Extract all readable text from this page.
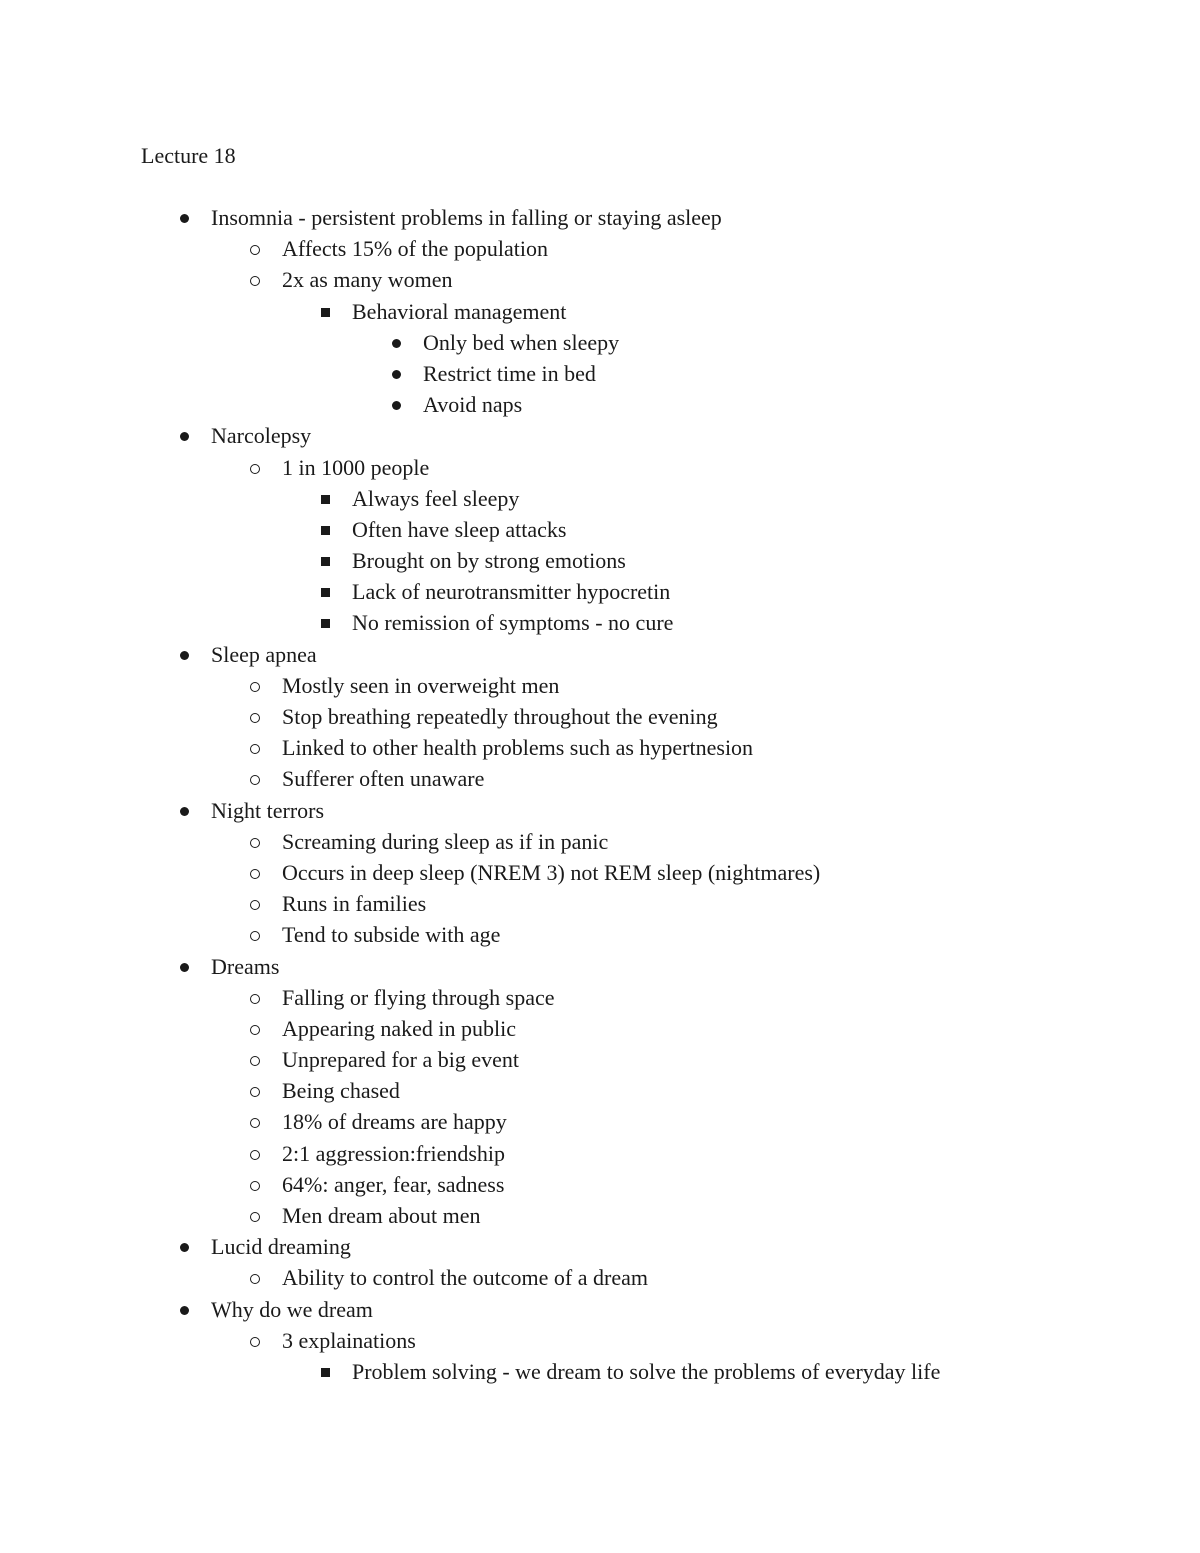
Lecture 18
Insomnia - persistent problems in falling or staying asleep
Affects 15% of the population
2x as many women
Behavioral management
Only bed when sleepy
Restrict time in bed
Avoid naps
Narcolepsy
1 in 1000 people
Always feel sleepy
Often have sleep attacks
Brought on by strong emotions
Lack of neurotransmitter hypocretin
No remission of symptoms - no cure
Sleep apnea
Mostly seen in overweight men
Stop breathing repeatedly throughout the evening
Linked to other health problems such as hypertnesion
Sufferer often unaware
Night terrors
Screaming during sleep as if in panic
Occurs in deep sleep (NREM 3) not REM sleep (nightmares)
Runs in families
Tend to subside with age
Dreams
Falling or flying through space
Appearing naked in public
Unprepared for a big event
Being chased
18% of dreams are happy
2:1 aggression:friendship
64%: anger, fear, sadness
Men dream about men
Lucid dreaming
Ability to control the outcome of a dream
Why do we dream
3 explainations
Problem solving - we dream to solve the problems of everyday life
